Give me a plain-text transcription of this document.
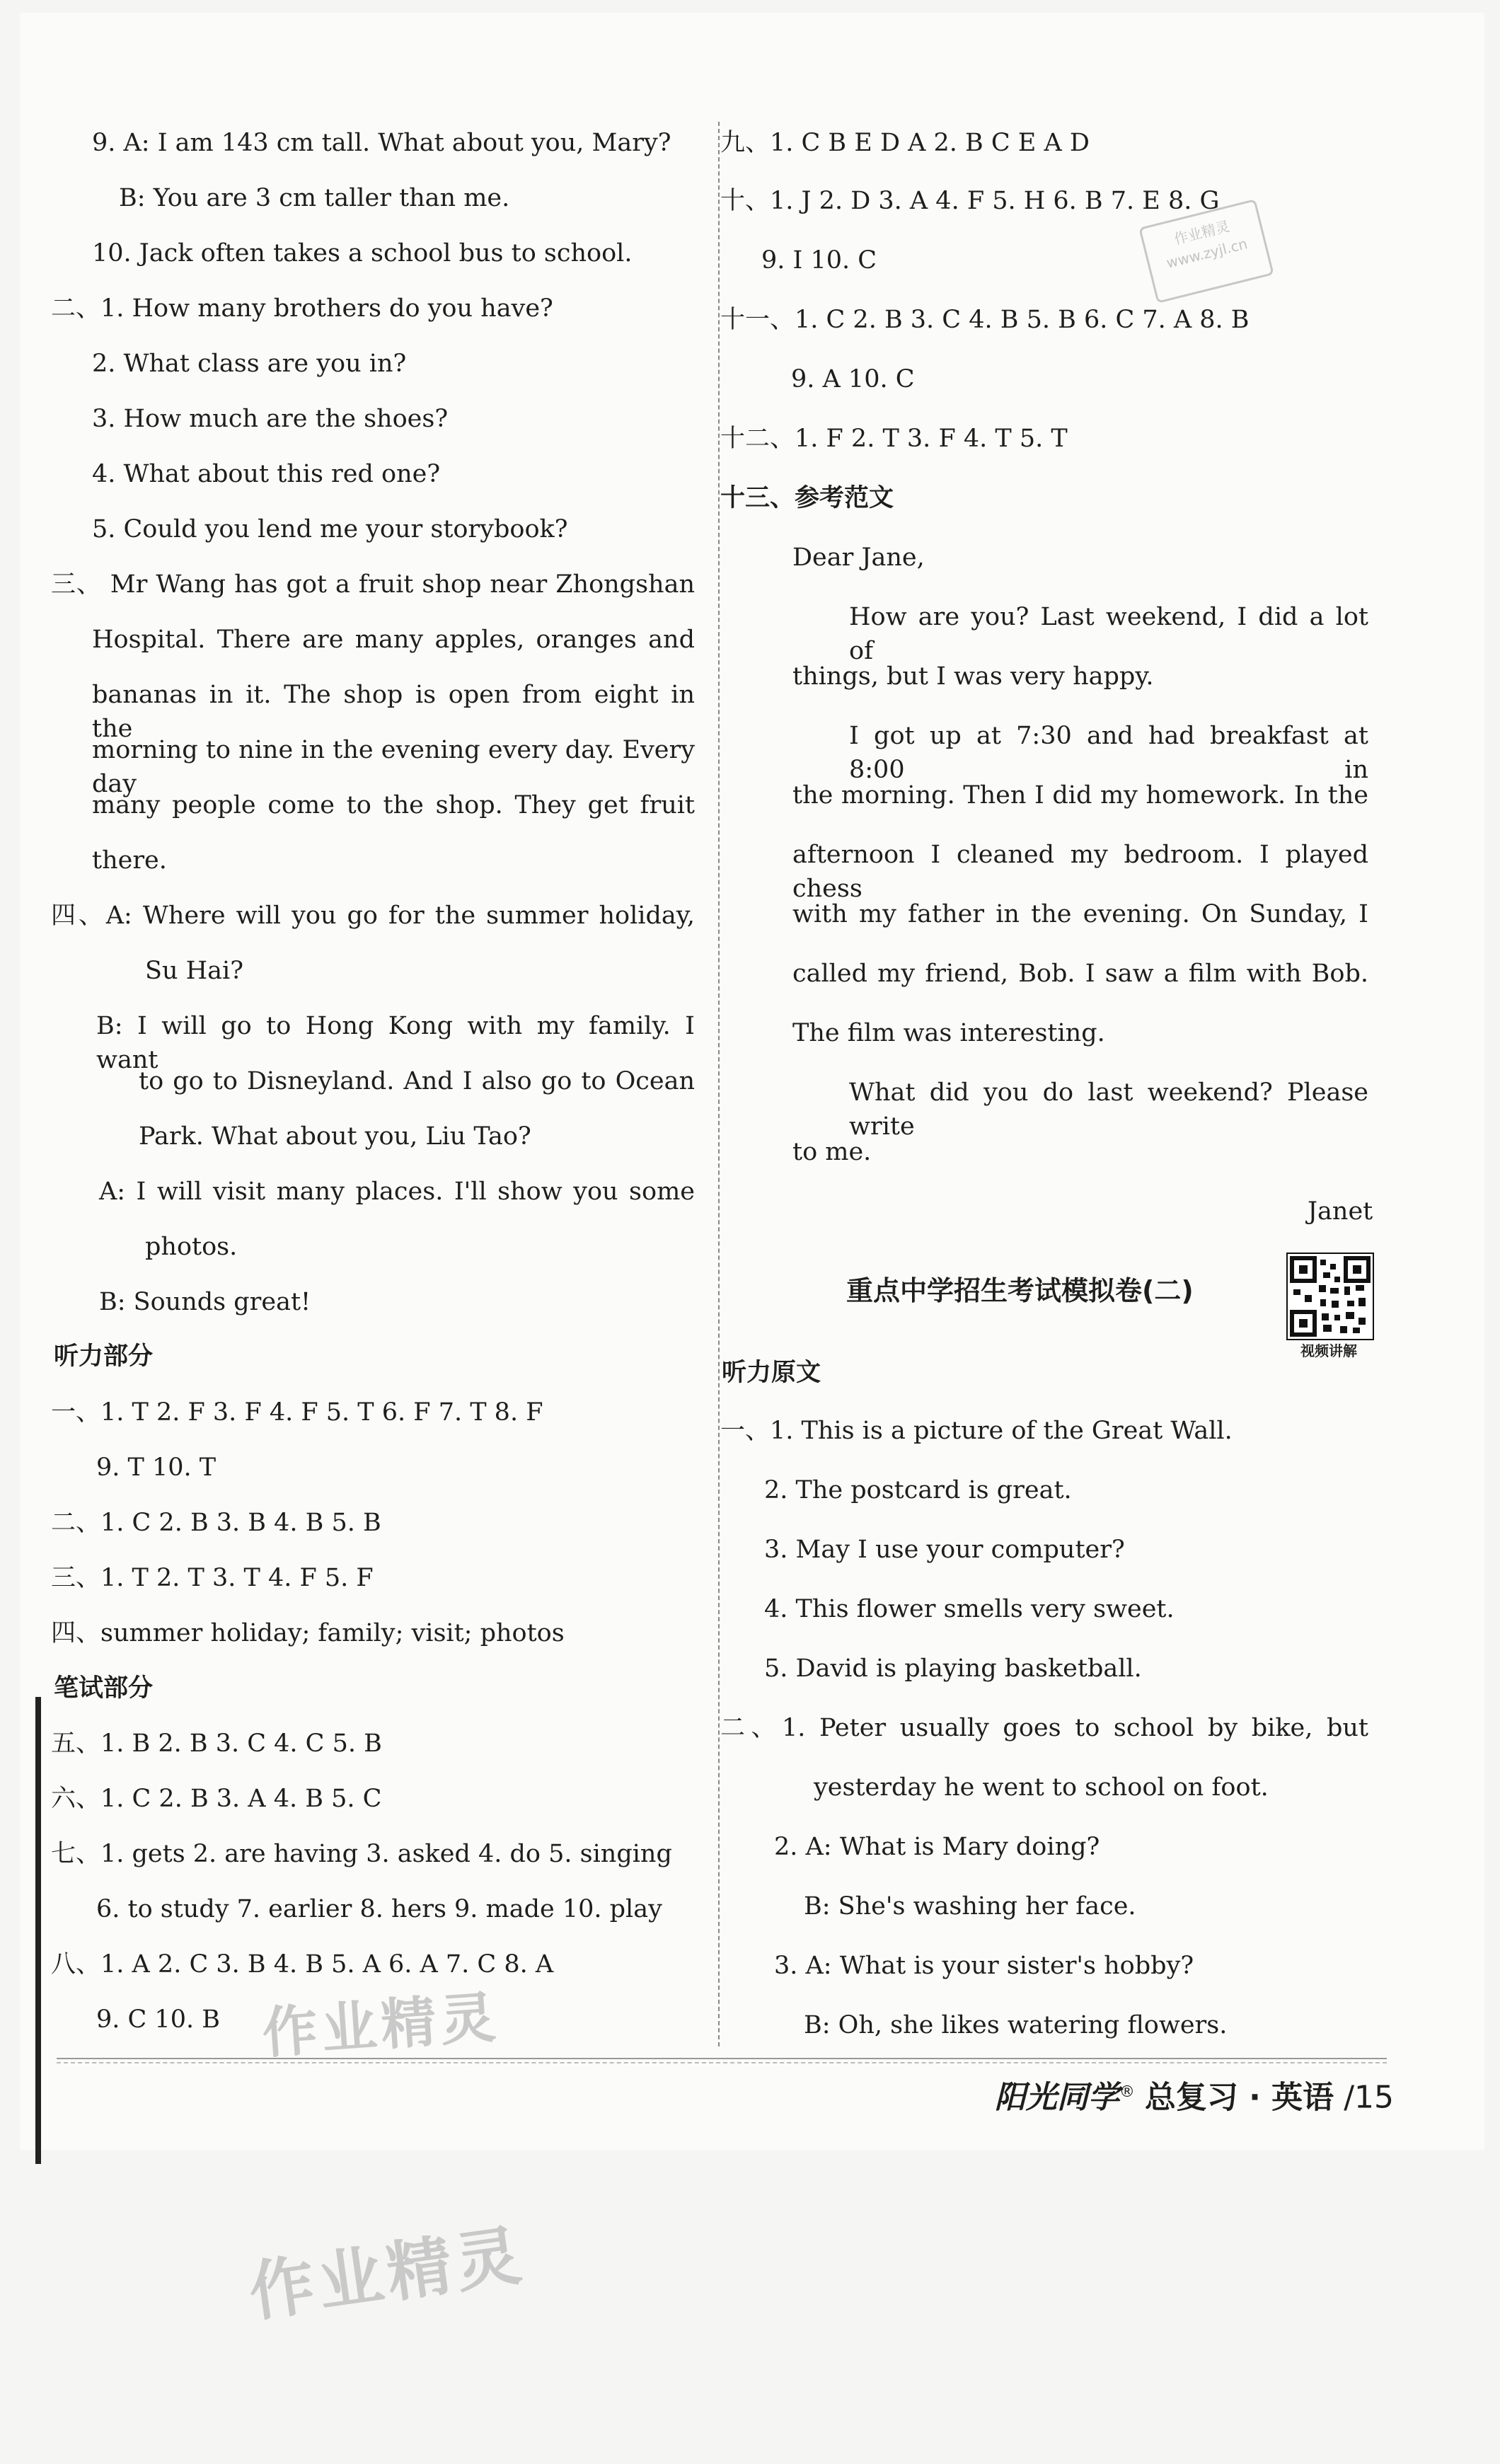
9. A: I am 143 cm tall. What about you, Mary?
B: You are 3 cm taller than me.
10. Jack often takes a school bus to school.
二、1. How many brothers do you have?
2. What class are you in?
3. How much are the shoes?
4. What about this red one?
5. Could you lend me your storybook?
三、 Mr Wang has got a fruit shop near Zhongshan
Hospital. There are many apples, oranges and
bananas in it. The shop is open from eight in the
morning to nine in the evening every day. Every day
many people come to the shop. They get fruit
there.
四、A: Where will you go for the summer holiday,
Su Hai?
B: I will go to Hong Kong with my family. I want
to go to Disneyland. And I also go to Ocean
Park. What about you, Liu Tao?
A: I will visit many places. I'll show you some
photos.
B: Sounds great!
听力部分
一、1. T 2. F 3. F 4. F 5. T 6. F 7. T 8. F
9. T 10. T
二、1. C 2. B 3. B 4. B 5. B
三、1. T 2. T 3. T 4. F 5. F
四、summer holiday; family; visit; photos
笔试部分
五、1. B 2. B 3. C 4. C 5. B
六、1. C 2. B 3. A 4. B 5. C
七、1. gets 2. are having 3. asked 4. do 5. singing
6. to study 7. earlier 8. hers 9. made 10. play
八、1. A 2. C 3. B 4. B 5. A 6. A 7. C 8. A
9. C 10. B
九、1. C B E D A 2. B C E A D
十、1. J 2. D 3. A 4. F 5. H 6. B 7. E 8. G
9. I 10. C
十一、1. C 2. B 3. C 4. B 5. B 6. C 7. A 8. B
9. A 10. C
十二、1. F 2. T 3. F 4. T 5. T
十三、参考范文
Dear Jane,
How are you? Last weekend, I did a lot of
things, but I was very happy.
I got up at 7:30 and had breakfast at 8:00 in
the morning. Then I did my homework. In the
afternoon I cleaned my bedroom. I played chess
with my father in the evening. On Sunday, I
called my friend, Bob. I saw a film with Bob.
The film was interesting.
What did you do last weekend? Please write
to me.
Janet
重点中学招生考试模拟卷(二)
视频讲解
听力原文
一、1. This is a picture of the Great Wall.
2. The postcard is great.
3. May I use your computer?
4. This flower smells very sweet.
5. David is playing basketball.
二、1. Peter usually goes to school by bike, but
yesterday he went to school on foot.
2. A: What is Mary doing?
B: She's washing her face.
3. A: What is your sister's hobby?
B: Oh, she likes watering flowers.
作业精灵 www.zyjl.cn
作业精灵
作业精灵
阳光同学® 总复习 · 英语 /15
